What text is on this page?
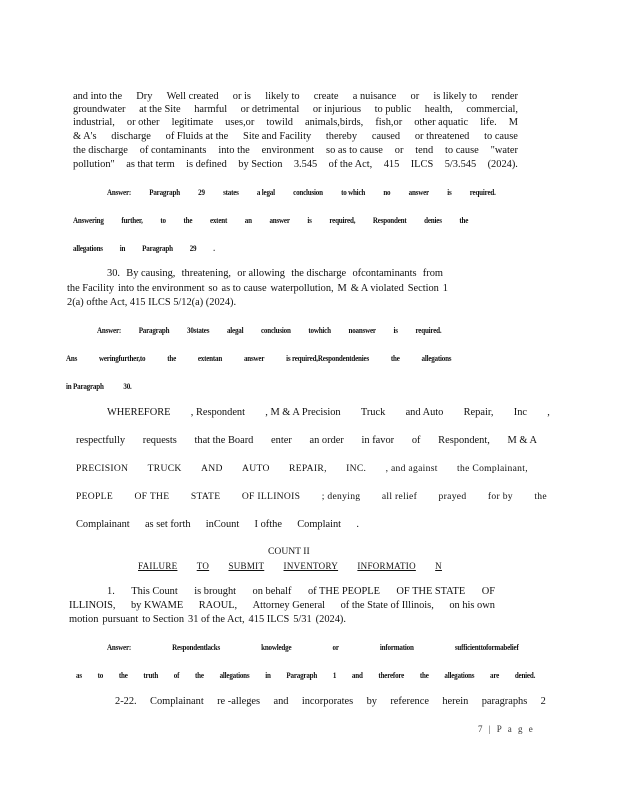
and into the Dry Well created or is likely to create a nuisance or is likely to render
groundwater at the Site harmful or detrimental or injurious to public health, commercial,
industrial, or other legitimate uses,or towild animals,birds, fish,or other aquatic life. M
& A's discharge of Fluids at the Site and Facility thereby caused or threatened to cause
the discharge of contaminants into the environment so as to cause or tend to cause "water
pollution" as that term is defined by Section 3.545 of the Act, 415 ILCS 5/3.545 (2024).
Answer: Paragraph 29 states a legal conclusion to which no answer is required.
Answering further, to the extent an answer is required, Respondent denies the
allegations in Paragraph 29 .
30. By causing, threatening, or allowing the discharge ofcontaminants from
the Facility into the environment so as to cause waterpollution, M & A violated Section 1
2(a) ofthe Act, 415 ILCS 5/12(a) (2024).
Answer: Paragraph 30states alegal conclusion towhich noanswer is required.
Ans	weringfurther,to	the	extentan	answer	is required,Respondentdenies	the	allegations
in Paragraph 30.
WHEREFORE , Respondent , M & A Precision Truck and Auto Repair, Inc ,
respectfully requests that the Board enter an order in favor of Respondent, M & A
PRECISION TRUCK AND AUTO REPAIR, INC. , and against the Complainant,
PEOPLE OF THE STATE OF ILLINOIS ; denying all relief prayed for by the
Complainant as set forth inCount I ofthe Complaint .
COUNT II
FAILURE TO SUBMIT INVENTORY INFORMATIO N
1. This Count is brought on behalf of THE PEOPLE OF THE STATE OF
ILLINOIS, by KWAME RAOUL, Attorney General of the State of Illinois, on his own
motion pursuant to Section 31 of the Act, 415 ILCS 5/31 (2024).
Answer:	Respondentlacks	knowledge	or	information	sufficienttoformabelief
as to the truth of the allegations in Paragraph 1 and therefore the allegations are denied.
2-22. Complainant re -alleges and incorporates by reference herein paragraphs 2
7 | P a g e
